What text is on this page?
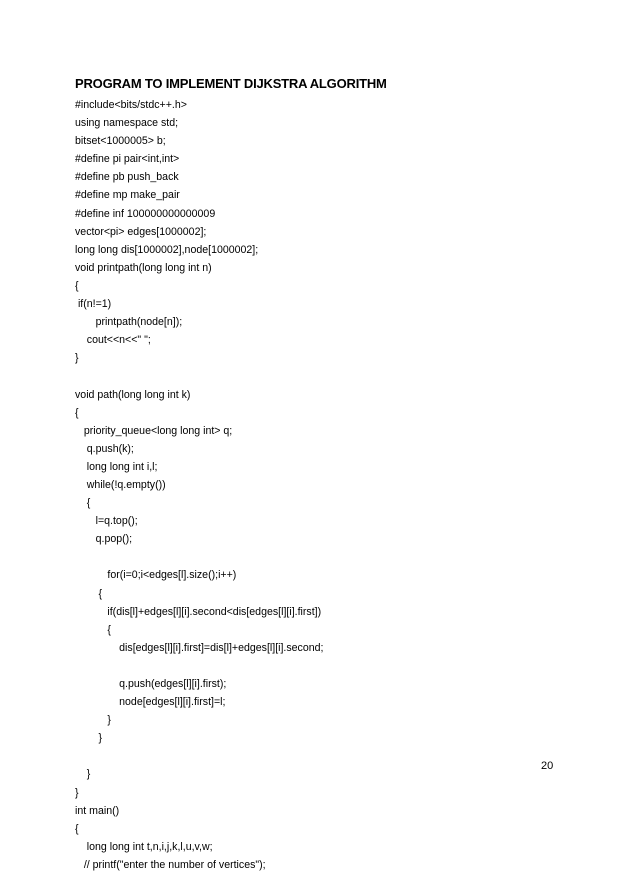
PROGRAM TO IMPLEMENT DIJKSTRA ALGORITHM
#include<bits/stdc++.h>
using namespace std;
bitset<1000005> b;
#define pi pair<int,int>
#define pb push_back
#define mp make_pair
#define inf 100000000000009
vector<pi> edges[1000002];
long long dis[1000002],node[1000002];
void printpath(long long int n)
{
if(n!=1)
printpath(node[n]);
cout<<n<<" ";
}
void path(long long int k)
{
priority_queue<long long int> q;
q.push(k);
long long int i,l;
while(!q.empty())
{
l=q.top();
q.pop();
for(i=0;i<edges[l].size();i++)
{
if(dis[l]+edges[l][i].second<dis[edges[l][i].first])
{
dis[edges[l][i].first]=dis[l]+edges[l][i].second;
q.push(edges[l][i].first);
node[edges[l][i].first]=l;
}
}
}
}
int main()
{
long long int t,n,i,j,k,l,u,v,w;
// printf("enter the number of vertices");
20
